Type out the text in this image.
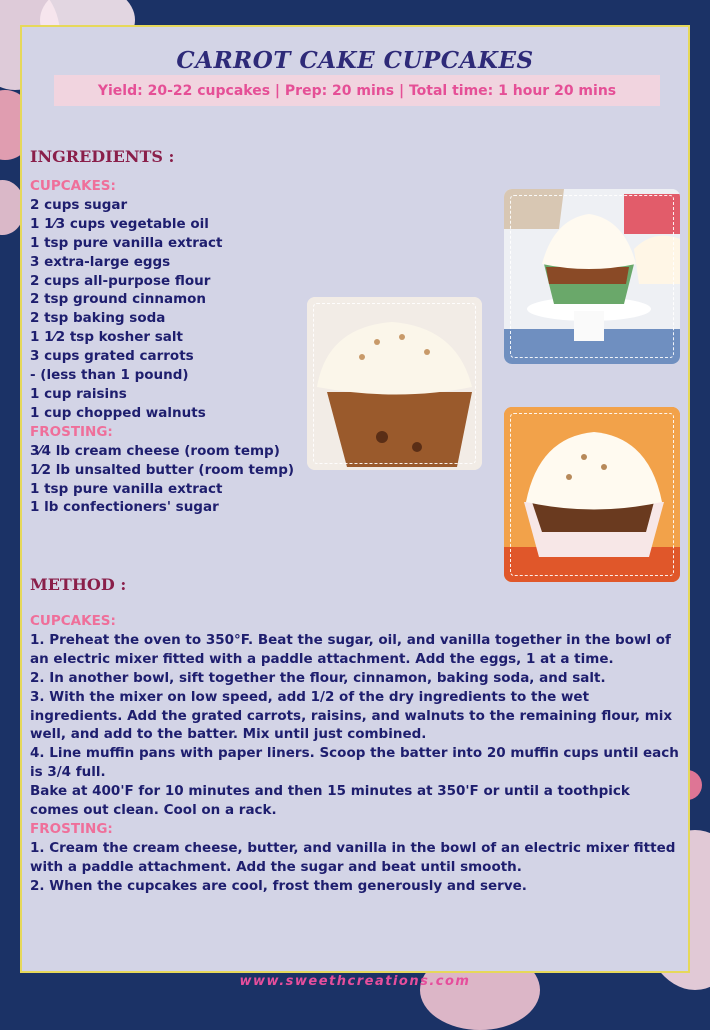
CARROT CAKE CUPCAKES
Yield: 20-22 cupcakes | Prep: 20 mins | Total time: 1 hour 20 mins
INGREDIENTS :
CUPCAKES:
2 cups sugar
1 1⁄3 cups vegetable oil
1 tsp pure vanilla extract
3 extra-large eggs
2 cups all-purpose flour
2 tsp ground cinnamon
2 tsp baking soda
1 1⁄2 tsp kosher salt
3 cups grated carrots
- (less than 1 pound)
1 cup raisins
1 cup chopped walnuts
FROSTING:
3⁄4 lb cream cheese (room temp)
1⁄2 lb unsalted butter (room temp)
1 tsp pure vanilla extract
1 lb confectioners' sugar
METHOD :

CUPCAKES:

1. Preheat the oven to 350°F. Beat the sugar, oil, and vanilla together in the bowl of an electric mixer fitted with a paddle attachment. Add the eggs, 1 at a time.

2. In another bowl, sift together the flour, cinnamon, baking soda, and salt.

3. With the mixer on low speed, add 1/2 of the dry ingredients to the wet ingredients. Add the grated carrots, raisins, and walnuts to the remaining flour, mix well, and add to the batter. Mix until just combined.

4. Line muffin pans with paper liners. Scoop the batter into 20 muffin cups until each is 3/4 full.

Bake at 400'F for 10 minutes and then 15 minutes at 350'F or until a toothpick comes out clean. Cool on a rack.

FROSTING:

1. Cream the cream cheese, butter, and vanilla in the bowl of an electric mixer fitted with a paddle attachment. Add the sugar and beat until smooth.

2. When the cupcakes are cool, frost them generously and serve.

www.sweethcreations.com
